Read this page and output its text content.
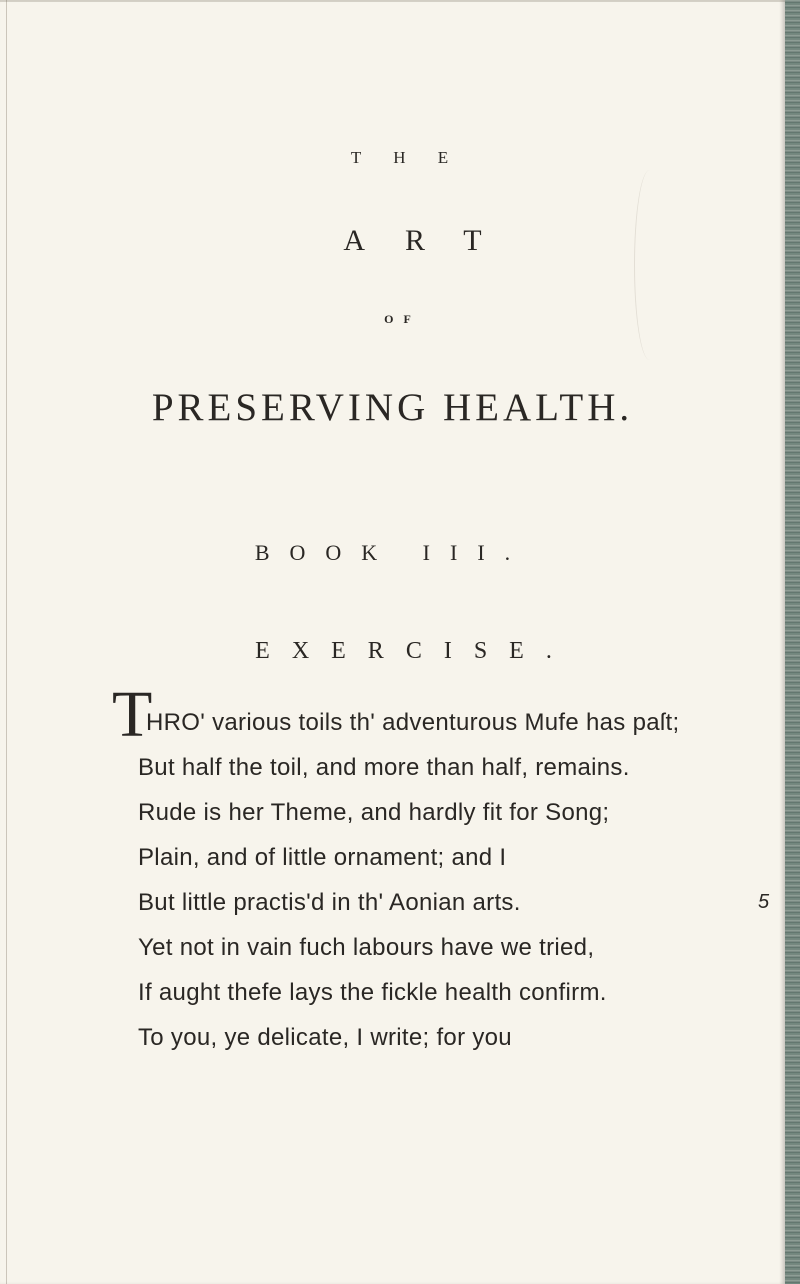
T H E
ART
OF
PRESERVING HEALTH.
BOOK III.
EXERCISE.
T
HRO' various toils th' adventurous Mufe has paſt;
But half the toil, and more than half, remains.
Rude is her Theme, and hardly fit for Song;
Plain, and of little ornament; and I
But little practis'd in th' Aonian arts.	5
Yet not in vain fuch labours have we tried,
If aught thefe lays the fickle health confirm.
To you, ye delicate, I write; for you
